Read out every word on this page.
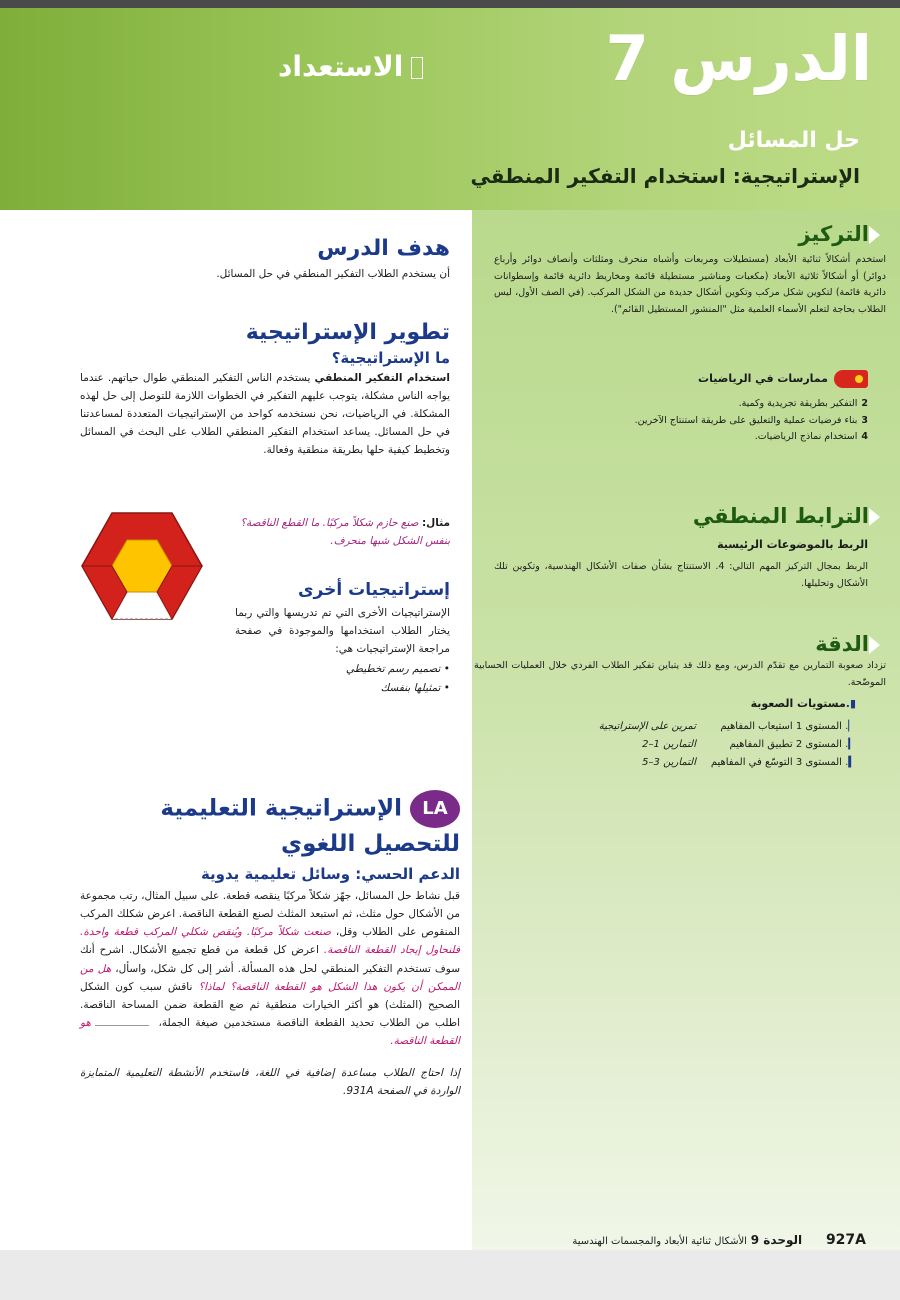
الدرس 7
الاستعداد
حل المسائل
الإستراتيجية: استخدام التفكير المنطقي
التركيز

استخدم أشكالاً ثنائية الأبعاد (مستطيلات ومربعات وأشباه منحرف ومثلثات وأنصاف دوائر وأرباع دوائر) أو أشكالاً ثلاثية الأبعاد (مكعبات ومناشير مستطيلة قائمة ومخاريط دائرية قائمة وإسطوانات دائرية قائمة) لتكوين شكل مركب وتكوين أشكال جديدة من الشكل المركب. (في الصف الأول، ليس الطلاب بحاجة لتعلم الأسماء العلمية مثل "المنشور المستطيل القائم").

ممارسات في الرياضيات
2التفكير بطريقة تجريدية وكمية.
3بناء فرضيات عملية والتعليق على طريقة استنتاج الآخرين.
4استخدام نماذج الرياضيات.
الترابط المنطقي
الربط بالموضوعات الرئيسية

الربط بمجال التركيز المهم التالي: 4. الاستنتاج بشأن صفات الأشكال الهندسية، وتكوين تلك الأشكال وتحليلها.

الدقة

تزداد صعوبة التمارين مع تقدّم الدرس، ومع ذلك قد يتباين تفكير الطلاب الفردي خلال العمليات الحسابية الموضّحة.

▮.مستويات الصعوبة
▏. المستوى 1 استيعاب المفاهيم
تمرين على الإستراتيجية
▎. المستوى 2 تطبيق المفاهيم
التمارين 1–2
▍. المستوى 3 التوسّع في المفاهيم
التمارين 3–5
هدف الدرس

أن يستخدم الطلاب التفكير المنطقي في حل المسائل.

تطوير الإستراتيجية
ما الإستراتيجية؟

استخدام التفكير المنطقي يستخدم الناس التفكير المنطقي طوال حياتهم. عندما يواجه الناس مشكلة، يتوجب عليهم التفكير في الخطوات اللازمة للتوصل إلى حل لهذه المشكلة. في الرياضيات، نحن نستخدمه كواحد من الإستراتيجيات المتعددة لمساعدتنا في حل المسائل. يساعد استخدام التفكير المنطقي الطلاب على البحث في المسائل وتخطيط كيفية حلها بطريقة منطقية وفعالة.

مثال: صنع حازم شكلاً مركبًا. ما القطع الناقصة؟

بنفس الشكل شبها منحرف.

إستراتيجيات أخرى

الإستراتيجيات الأخرى التي تم تدريسها والتي ربما يختار الطلاب استخدامها والموجودة في صفحة مراجعة الإستراتيجيات هي:

• تصميم رسم تخطيطي
• تمثيلها بنفسك
LAالإستراتيجية التعليمية للتحصيل اللغوي
الدعم الحسي: وسائل تعليمية يدوية

قبل نشاط حل المسائل، جهّز شكلاً مركبًا ينقصه قطعة. على سبيل المثال، رتب مجموعة من الأشكال حول مثلث، ثم استبعد المثلث لصنع القطعة الناقصة. اعرض شكلك المركب المنقوص على الطلاب وقل، صنعت شكلاً مركبًا. ويُنقص شكلي المركب قطعة واحدة. فلنحاول إيجاد القطعة الناقصة. اعرض كل قطعة من قطع تجميع الأشكال. اشرح أنك سوف تستخدم التفكير المنطقي لحل هذه المسألة. أشر إلى كل شكل، واسأل، هل من الممكن أن يكون هذا الشكل هو القطعة الناقصة؟ لماذا؟ ناقش سبب كون الشكل الصحيح (المثلث) هو أكثر الخيارات منطقية ثم ضع القطعة ضمن المساحة الناقصة. اطلب من الطلاب تحديد القطعة الناقصة مستخدمين صيغة الجملة، هو القطعة الناقصة.

إذا احتاج الطلاب مساعدة إضافية في اللغة، فاستخدم الأنشطة التعليمية المتمايزة الواردة في الصفحة 931A.

927A الوحدة 9 الأشكال ثنائية الأبعاد والمجسمات الهندسية
